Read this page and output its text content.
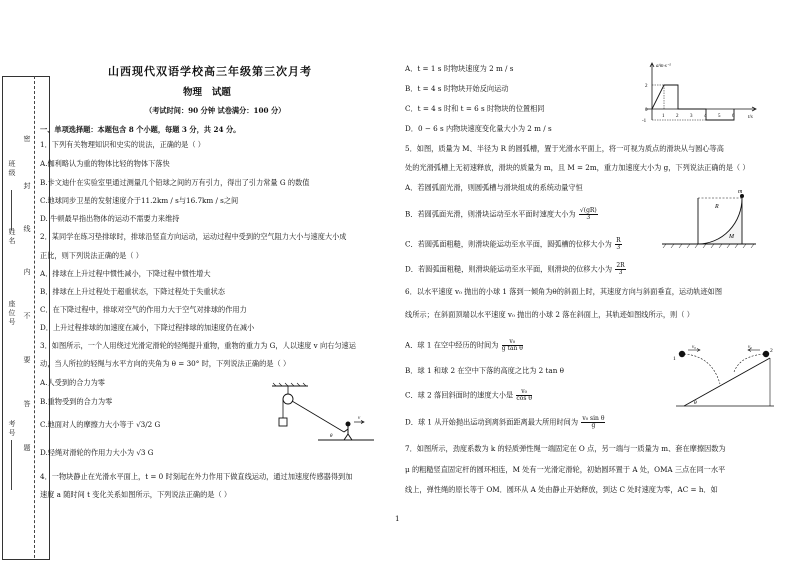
班级
座位号
姓名
考号
密
封
线
内
不
要
答
题
山西现代双语学校高三年级第三次月考
物理   试题
（考试时间：90 分钟 试卷满分：100 分）
一、单项选择题：本题包含 8 个小题，每题 3 分，共 24 分。
1．下列有关物理知识和史实的说法，正确的是（ ）
A.伽利略认为重的物体比轻的物体下落快
B.卡文迪什在实验室里通过测量几个铅球之间的万有引力，得出了引力常量 G 的数值
C.地球同步卫星的发射速度介于11.2km / s与16.7km / s之间
D. 牛顿最早指出物体的运动不需要力来维持
2．某同学在练习垫排球时，排球沿竖直方向运动，运动过程中受到的空气阻力大小与速度大小成
正比，则下列说法正确的是（ ）
A．排球在上升过程中惯性减小，下降过程中惯性增大
B．排球在上升过程处于超重状态，下降过程处于失重状态
C．在下降过程中，排球对空气的作用力大于空气对排球的作用力
D．上升过程排球的加速度在减小，下降过程排球的加速度仍在减小
3．如图所示，一个人用绕过光滑定滑轮的轻绳提升重物，重物的重力为 G，人以速度 v 向右匀速运
动，当人所拉的轻绳与水平方向的夹角为 θ = 30° 时，下列说法正确的是（ ）
A.人受到的合力为零
B.重物受到的合力为零
C.地面对人的摩擦力大小等于 √3/2 G
D.轻绳对滑轮的作用力大小为 √3 G
4．一物块静止在光滑水平面上，t = 0 时刻起在外力作用下做直线运动，通过加速度传感器得到加
速度 a 随时间 t 变化关系如图所示，下列说法正确的是（ ）
v
θ
A．t = 1 s 时物块速度为 2 m / s
B．t = 4 s 时物块开始反向运动
C．t = 4 s 时和 t = 6 s 时物块的位置相同
D．0 − 6 s 内物块速度变化量大小为 2 m / s
a/m·s⁻²
t/s
2
0
-1
1 2 3 4 5 6
5．如图，质量为 M、半径为 R 的圆弧槽，置于光滑水平面上，将一可视为质点的滑块从与圆心等高
处的光滑弧槽上无初速释放，滑块的质量为 m，且 M = 2m，重力加速度大小为 g，下列说法正确的是（ ）
A．若圆弧面光滑，则圆弧槽与滑块组成的系统动量守恒
B．若圆弧面光滑，则滑块运动至水平面时速度大小为 $\frac{√(gR)}{3}$
C．若圆弧面粗糙，则滑块能运动至水平面，圆弧槽的位移大小为 $\frac{R}{3}$
D．若圆弧面粗糙，则滑块能运动至水平面，则滑块的位移大小为 $\frac{2R}{3}$
m
R
M
6．以水平速度 v₀ 抛出的小球 1 落到一倾角为θ的斜面上时，其速度方向与斜面垂直，运动轨迹如图
线所示；在斜面顶端以水平速度 v₀ 抛出的小球 2 落在斜面上，其轨迹如图线所示，则（ ）
A．球 1 在空中经历的时间为 $\frac{\text{v₀}}{\text{g tan θ}}$
B．球 1 和球 2 在空中下落的高度之比为 2 tan θ
C．球 2 落回斜面时的速度大小是 $\frac{\text{v₀}}{\text{cos θ}}$
D．球 1 从开始抛出运动到离斜面距离最大所用时间为 $\frac{\text{v₀ sin θ}}{g}$
1
v₀	v₀
2
θ
7．如图所示，劲度系数为 k 的轻质弹性绳一端固定在 O 点，另一端与一质量为 m、套在摩擦因数为
μ 的粗糙竖直固定杆的圆环相连，M 处有一光滑定滑轮，初始圆环置于 A 处，OMA 三点在同一水平
线上，弹性绳的原长等于 OM．圆环从 A 处由静止开始释放，到达 C 处时速度为零，AC = h．如
1
